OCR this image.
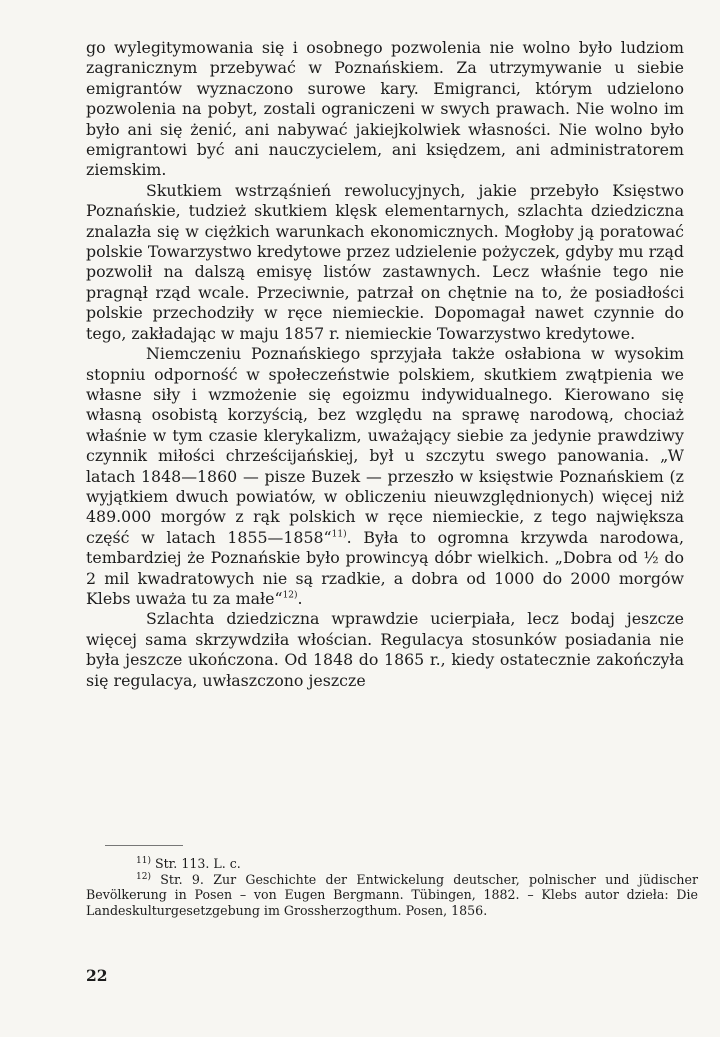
go wylegitymowania się i osobnego pozwolenia nie wolno było ludziom zagranicznym przebywać w Poznańskiem. Za utrzymywanie u siebie emigrantów wyznaczono surowe kary. Emigranci, którym udzielono pozwolenia na pobyt, zostali ograniczeni w swych prawach. Nie wolno im było ani się żenić, ani nabywać jakiejkolwiek własności. Nie wolno było emigrantowi być ani nauczycielem, ani księdzem, ani administratorem ziemskim.

Skutkiem wstrząśnień rewolucyjnych, jakie przebyło Księstwo Poznańskie, tudzież skutkiem klęsk elementarnych, szlachta dziedziczna znalazła się w ciężkich warunkach ekonomicznych. Mogłoby ją poratować polskie Towarzystwo kredytowe przez udzielenie pożyczek, gdyby mu rząd pozwolił na dalszą emisyę listów zastawnych. Lecz właśnie tego nie pragnął rząd wcale. Przeciwnie, patrzał on chętnie na to, że posiadłości polskie przechodziły w ręce niemieckie. Dopomagał nawet czynnie do tego, zakładając w maju 1857 r. niemieckie Towarzystwo kredytowe.

Niemczeniu Poznańskiego sprzyjała także osłabiona w wysokim stopniu odporność w społeczeństwie polskiem, skutkiem zwątpienia we własne siły i wzmożenie się egoizmu indywidualnego. Kierowano się własną osobistą korzyścią, bez względu na sprawę narodową, chociaż właśnie w tym czasie klerykalizm, uważający siebie za jedynie prawdziwy czynnik miłości chrześcijańskiej, był u szczytu swego panowania. „W latach 1848—1860 — pisze Buzek — przeszło w księstwie Poznańskiem (z wyjątkiem dwuch powiatów, w obliczeniu nieuwzględnionych) więcej niż 489.000 morgów z rąk polskich w ręce niemieckie, z tego największa część w latach 1855—1858“$^{11)}$. Była to ogromna krzywda narodowa, tembardziej że Poznańskie było prowincyą dóbr wielkich. „Dobra od ½ do 2 mil kwadratowych nie są rzadkie, a dobra od 1000 do 2000 morgów Klebs uważa tu za małe“$^{12)}$.

Szlachta dziedziczna wprawdzie ucierpiała, lecz bodaj jeszcze więcej sama skrzywdziła włościan. Regulacya stosunków posiadania nie była jeszcze ukończona. Od 1848 do 1865 r., kiedy ostatecznie zakończyła się regulacya, uwłaszczono jeszcze

$^{11)}$ Str. 113. L. c.

$^{12)}$ Str. 9. Zur Geschichte der Entwickelung deutscher, polnischer und jüdischer Bevölkerung in Posen – von Eugen Bergmann. Tübingen, 1882. – Klebs autor dzieła: Die Landeskulturgesetzgebung im Grossherzogthum. Posen, 1856.

22
